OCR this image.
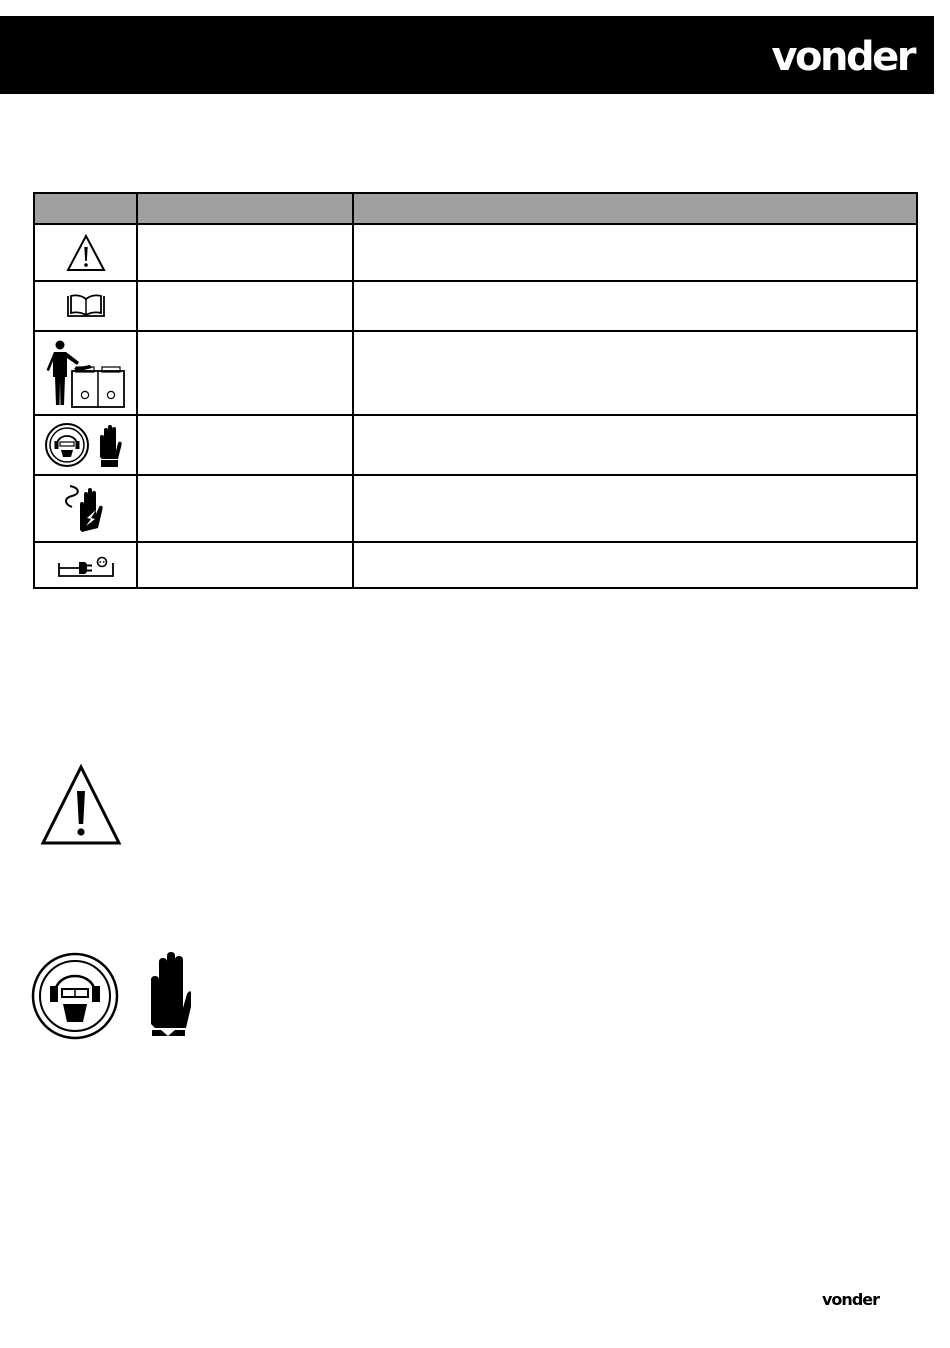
vonder

vonder
